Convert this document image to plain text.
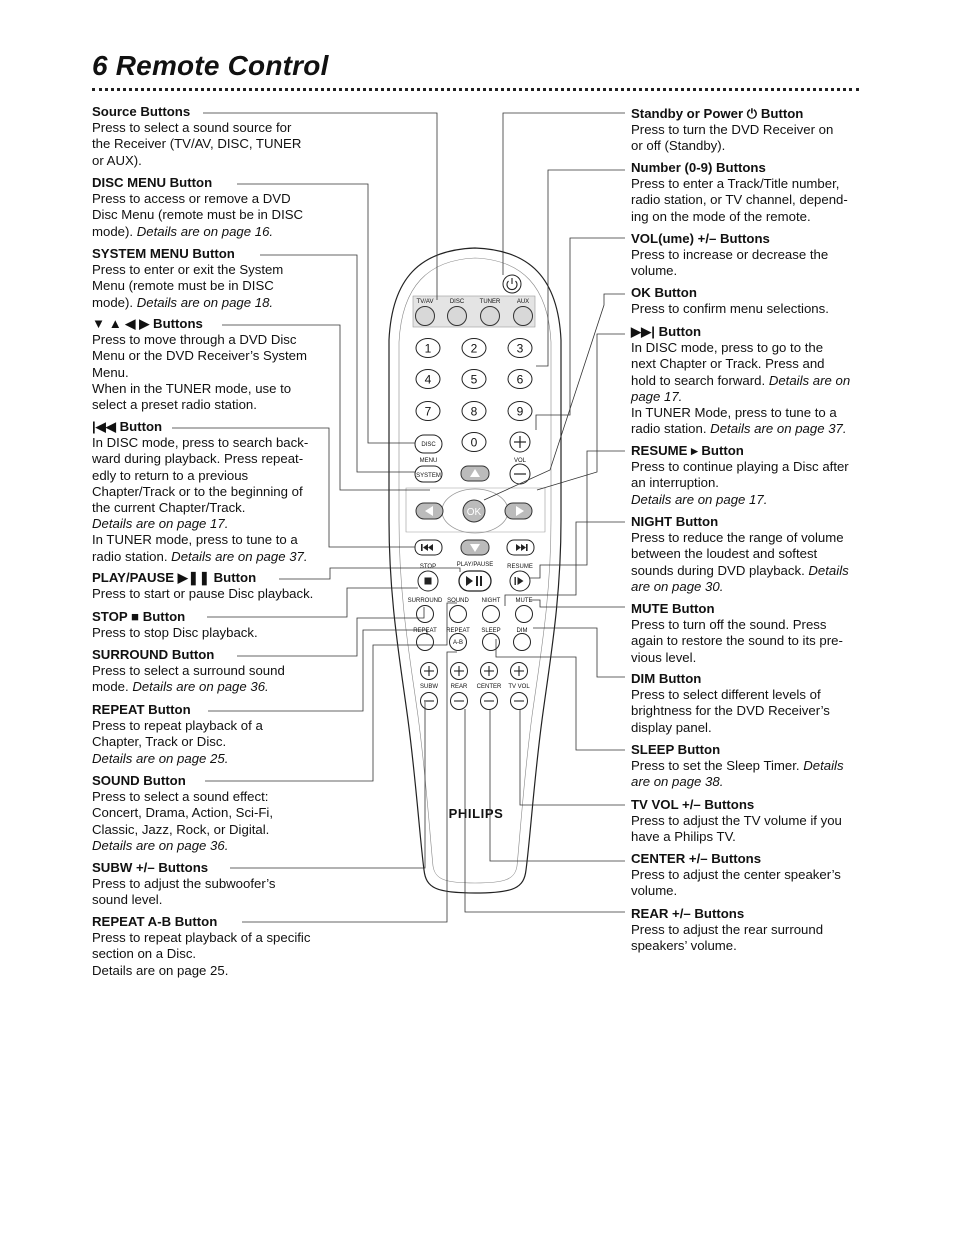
6 Remote Control
TV/AV	DISC	TUNER	AUX
1	2	3
4	5	6
7	8	9
0
DISC
MENU
SYSTEM
VOL
OK
STOP	PLAY/PAUSE RESUME
SURROUND SOUND NIGHT	MUTE
REPEAT REPEAT
A-B
SLEEP	DIM
SUBW REAR CENTER TV VOL
PHILIPS
Source Buttons
Press to select a sound source for
the Receiver (TV/AV, DISC, TUNER
or AUX).
DISC MENU Button
Press to access or remove a DVD
Disc Menu (remote must be in DISC
mode). Details are on page 16.
SYSTEM MENU Button
Press to enter or exit the System
Menu (remote must be in DISC
mode). Details are on page 18.
▼ ▲ ◀ ▶ Buttons
Press to move through a DVD Disc
Menu or the DVD Receiver’s System
Menu.
When in the TUNER mode, use to
select a preset radio station.
|◀◀ Button
In DISC mode, press to search back-
ward during playback. Press repeat-
edly to return to a previous
Chapter/Track or to the beginning of
the current Chapter/Track.
Details are on page 17.
In TUNER mode, press to tune to a
radio station. Details are on page 37.
PLAY/PAUSE ▶❚❚ Button
Press to start or pause Disc playback.
STOP ■ Button
Press to stop Disc playback.
SURROUND Button
Press to select a surround sound
mode. Details are on page 36.
REPEAT Button
Press to repeat playback of a
Chapter, Track or Disc.
Details are on page 25.
SOUND Button
Press to select a sound effect:
Concert, Drama, Action, Sci-Fi,
Classic, Jazz, Rock, or Digital.
Details are on page 36.
SUBW +/– Buttons
Press to adjust the subwoofer’s
sound level.
REPEAT A-B Button
Press to repeat playback of a specific
section on a Disc.
Details are on page 25.
Standby or Power ⏻ Button
Press to turn the DVD Receiver on
or off (Standby).
Number (0-9) Buttons
Press to enter a Track/Title number,
radio station, or TV channel, depend-
ing on the mode of the remote.
VOL(ume) +/– Buttons
Press to increase or decrease the
volume.
OK Button
Press to confirm menu selections.
▶▶| Button
In DISC mode, press to go to the
next Chapter or Track. Press and
hold to search forward. Details are on
page 17.
In TUNER Mode, press to tune to a
radio station. Details are on page 37.
RESUME ▸ Button
Press to continue playing a Disc after
an interruption.
Details are on page 17.
NIGHT Button
Press to reduce the range of volume
between the loudest and softest
sounds during DVD playback. Details
are on page 30.
MUTE Button
Press to turn off the sound. Press
again to restore the sound to its pre-
vious level.
DIM Button
Press to select different levels of
brightness for the DVD Receiver’s
display panel.
SLEEP Button
Press to set the Sleep Timer. Details
are on page 38.
TV VOL +/– Buttons
Press to adjust the TV volume if you
have a Philips TV.
CENTER +/– Buttons
Press to adjust the center speaker’s
volume.
REAR +/– Buttons
Press to adjust the rear surround
speakers’ volume.
